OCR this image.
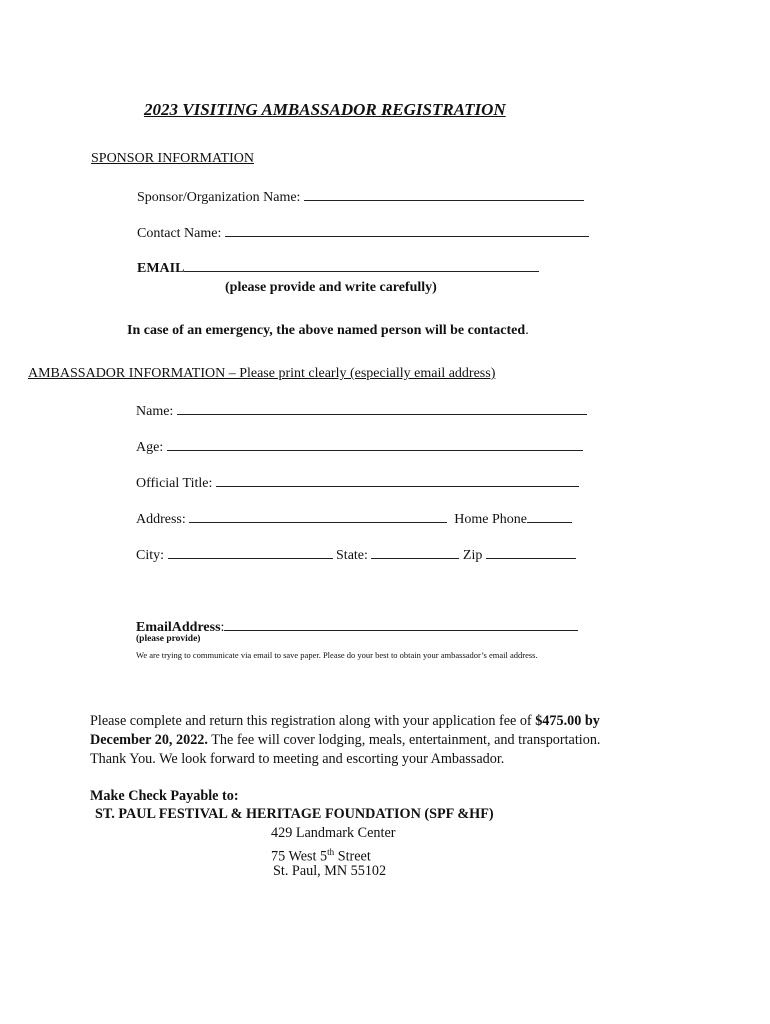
2023 VISITING AMBASSADOR REGISTRATION
SPONSOR INFORMATION
Sponsor/Organization Name:
Contact Name:
EMAIL
(please provide and write carefully)
In case of an emergency, the above named person will be contacted.
AMBASSADOR INFORMATION – Please print clearly (especially email address)
Name:
Age:
Official Title:
Address:	Home Phone
City:	State:	Zip
EmailAddress:
(please provide)
We are trying to communicate via email to save paper. Please do your best to obtain your ambassador’s email address.
Please complete and return this registration along with your application fee of $475.00 by
December 20, 2022. The fee will cover lodging, meals, entertainment, and transportation.
Thank You. We look forward to meeting and escorting your Ambassador.
Make Check Payable to:
ST. PAUL FESTIVAL & HERITAGE FOUNDATION (SPF &HF)
429 Landmark Center
75 West 5th Street
St. Paul, MN 55102
